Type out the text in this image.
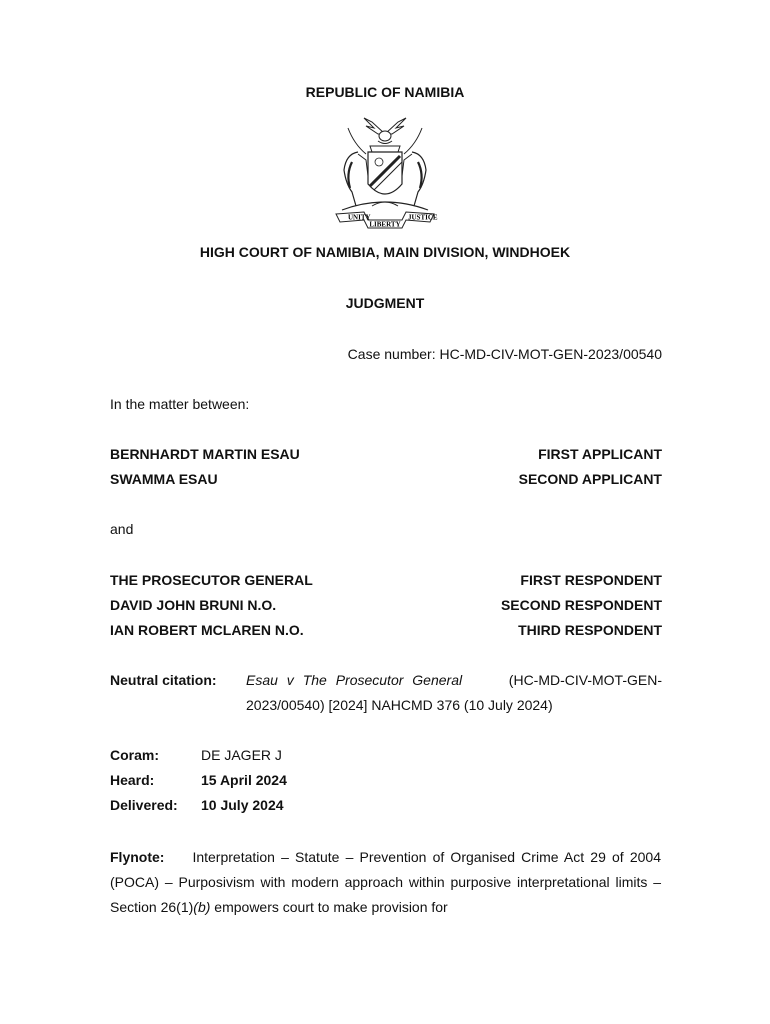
REPUBLIC OF NAMIBIA
UNITY
LIBERTY
JUSTICE
HIGH COURT OF NAMIBIA, MAIN DIVISION, WINDHOEK
JUDGMENT
Case number: HC-MD-CIV-MOT-GEN-2023/00540
In the matter between:
BERNHARDT MARTIN ESAU	FIRST APPLICANT
SWAMMA ESAU	SECOND APPLICANT
and
THE PROSECUTOR GENERAL	FIRST RESPONDENT
DAVID JOHN BRUNI N.O.	SECOND RESPONDENT
IAN ROBERT MCLAREN N.O.	THIRD RESPONDENT
Neutral citation: Esau v The Prosecutor General	(HC-MD-CIV-MOT-GEN-
2023/00540) [2024] NAHCMD 376 (10 July 2024)
Coram:	DE JAGER J
Heard:	15 April 2024
Delivered: 10 July 2024
Flynote: Interpretation – Statute – Prevention of Organised Crime Act 29 of 2004 (POCA) – Purposivism with modern approach within purposive interpretational limits – Section 26(1)(b) empowers court to make provision for
